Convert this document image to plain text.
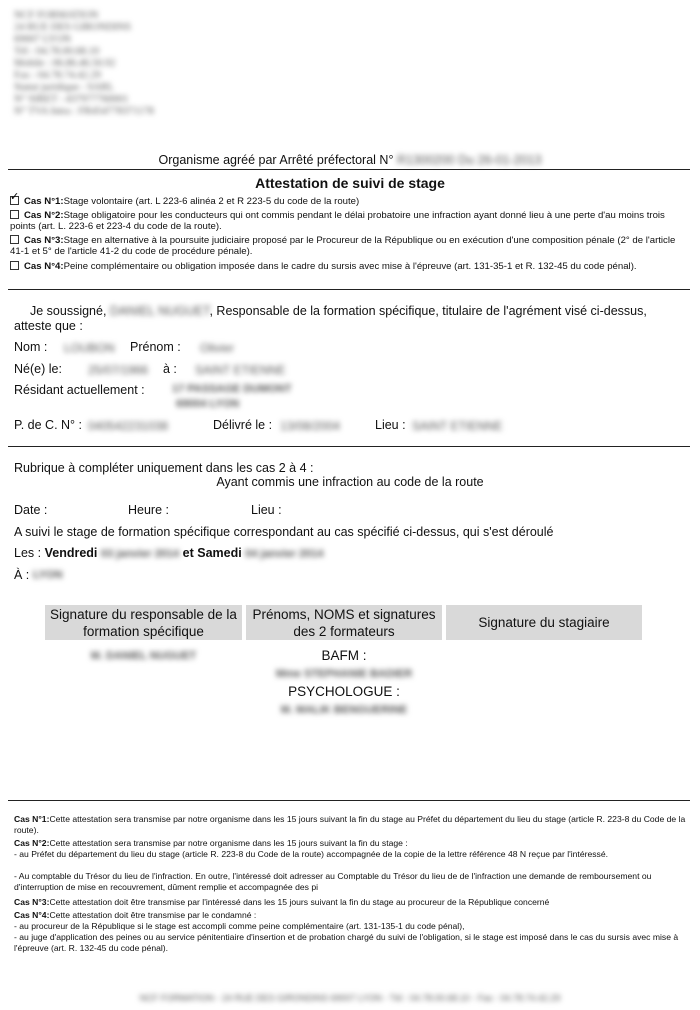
NCF FORMATION
24 RUE DES GIRONDINS
69007 LYON
Tél : 04.78.00.68.10
Mobile : 06.86.46.50.92
Fax : 04.78.74.42.29
Statut juridique : SARL
N° SIRET : 437977760001
N° TVA Intra : FR454778371178
Organisme agréé par Arrêté préfectoral N° R1300200 Du 26-01-2013
Attestation de suivi de stage
✓Cas N°1:Stage volontaire (art. L 223-6 alinéa 2 et R 223-5 du code de la route)
Cas N°2:Stage obligatoire pour les conducteurs qui ont commis pendant le délai probatoire une infraction ayant donné lieu à une perte d'au moins trois points (art. L. 223-6 et 223-4 du code de la route).
Cas N°3:Stage en alternative à la poursuite judiciaire proposé par le Procureur de la République ou en exécution d'une composition pénale (2° de l'article 41-1 et 5° de l'article 41-2 du code de procédure pénale).
Cas N°4:Peine complémentaire ou obligation imposée dans le cadre du sursis avec mise à l'épreuve (art. 131-35-1 et R. 132-45 du code pénal).
Je soussigné, DANIEL NUGUET, Responsable de la formation spécifique, titulaire de l'agrément visé ci-dessus,
atteste que :
Nom : LOUBON Prénom : Olivier
Né(e) le: 25/07/1966 à : SAINT ETIENNE
Résidant actuellement : 17 PASSAGE DUMONT
69004 LYON
P. de C. N° : 040542231038	Délivré le : 13/08/2004	Lieu : SAINT ETIENNE
Rubrique à compléter uniquement dans les cas 2 à 4 :
Ayant commis une infraction au code de la route
Date :	Heure :	Lieu :
A suivi le stage de formation spécifique correspondant au cas spécifié ci-dessus, qui s'est déroulé
Les : Vendredi 03 janvier 2014 et Samedi 04 janvier 2014
À : LYON
Signature du responsable de la formation spécifique
Prénoms, NOMS et signatures des 2 formateurs
Signature du stagiaire
M. DANIEL NUGUET	BAFM :
Mme STEPHANIE BADIER
PSYCHOLOGUE :
M. MALIK BENGUERINE
Cas N°1:Cette attestation sera transmise par notre organisme dans les 15 jours suivant la fin du stage au Préfet du département du lieu du stage (article R. 223-8 du Code de la route).
Cas N°2:Cette attestation sera transmise par notre organisme dans les 15 jours suivant la fin du stage :
- au Préfet du département du lieu du stage (article R. 223-8 du Code de la route) accompagnée de la copie de la lettre référence 48 N reçue par l'intéressé.
- Au comptable du Trésor du lieu de l'infraction. En outre, l'intéressé doit adresser au Comptable du Trésor du lieu de de l'infraction une demande de remboursement ou d'interruption de mise en recouvrement, dûment remplie et accompagnée des pi
Cas N°3:Cette attestation doit être transmise par l'intéressé dans les 15 jours suivant la fin du stage au procureur de la République concerné
Cas N°4:Cette attestation doit être transmise par le condamné :
- au procureur de la République si le stage est accompli comme peine complémentaire (art. 131-135-1 du code pénal),
- au juge d'application des peines ou au service pénitentiaire d'insertion et de probation chargé du suivi de l'obligation, si le stage est imposé dans le cas du sursis avec mise à l'épreuve (art. R. 132-45 du code pénal).
NCF FORMATION - 24 RUE DES GIRONDINS 69007 LYON - Tél : 04.78.00.68.10 - Fax : 04.78.74.42.29
